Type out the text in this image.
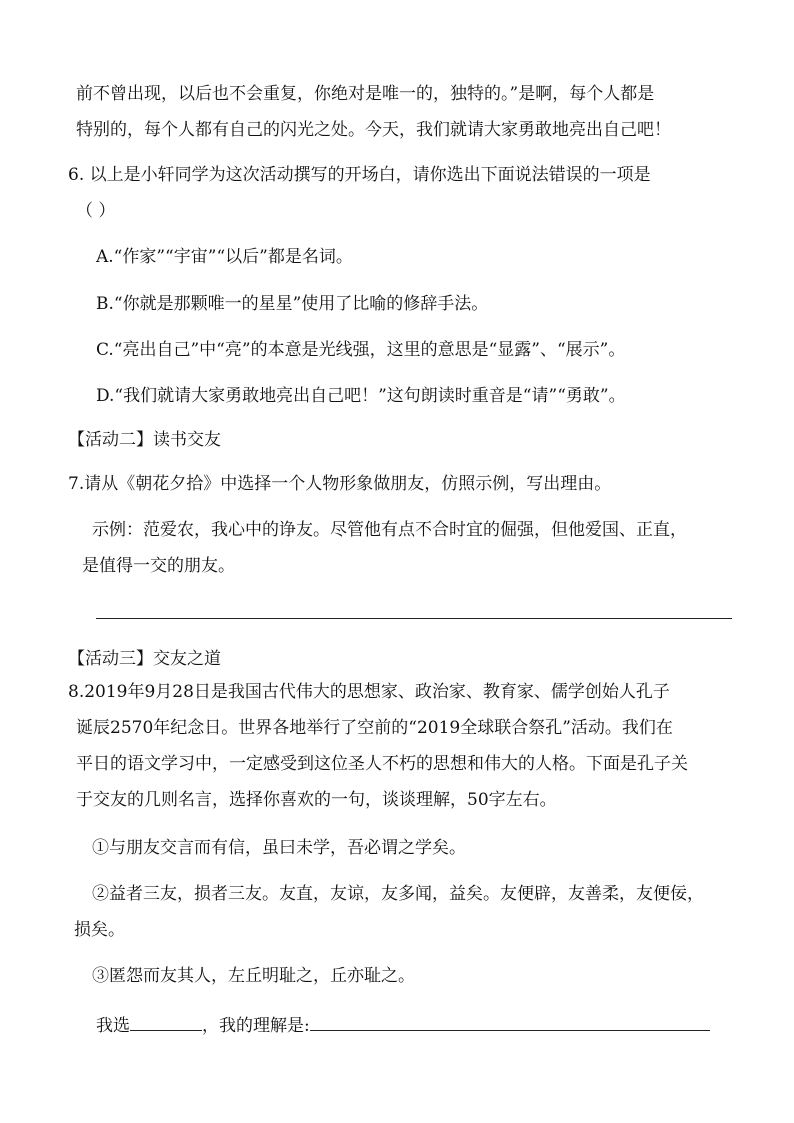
前不曾出现，以后也不会重复，你绝对是唯一的，独特的。”是啊，每个人都是
特别的，每个人都有自己的闪光之处。今天，我们就请大家勇敢地亮出自己吧！
6. 以上是小轩同学为这次活动撰写的开场白，请你选出下面说法错误的一项是
（ ）
A.“作家”“宇宙”“以后”都是名词。
B.“你就是那颗唯一的星星”使用了比喻的修辞手法。
C.“亮出自己”中“亮”的本意是光线强，这里的意思是“显露”、“展示”。
D.“我们就请大家勇敢地亮出自己吧！”这句朗读时重音是“请”“勇敢”。
【活动二】读书交友
7.请从《朝花夕拾》中选择一个人物形象做朋友，仿照示例，写出理由。
示例：范爱农，我心中的诤友。尽管他有点不合时宜的倔强，但他爱国、正直，
是值得一交的朋友。
【活动三】交友之道
8.2019年9月28日是我国古代伟大的思想家、政治家、教育家、儒学创始人孔子
诞辰2570年纪念日。世界各地举行了空前的“2019全球联合祭孔”活动。我们在
平日的语文学习中，一定感受到这位圣人不朽的思想和伟大的人格。下面是孔子关
于交友的几则名言，选择你喜欢的一句，谈谈理解，50字左右。
①与朋友交言而有信，虽曰未学，吾必谓之学矣。
②益者三友，损者三友。友直，友谅，友多闻，益矣。友便辟，友善柔，友便佞，
损矣。
③匿怨而友其人，左丘明耻之，丘亦耻之。
我选	，我的理解是:
